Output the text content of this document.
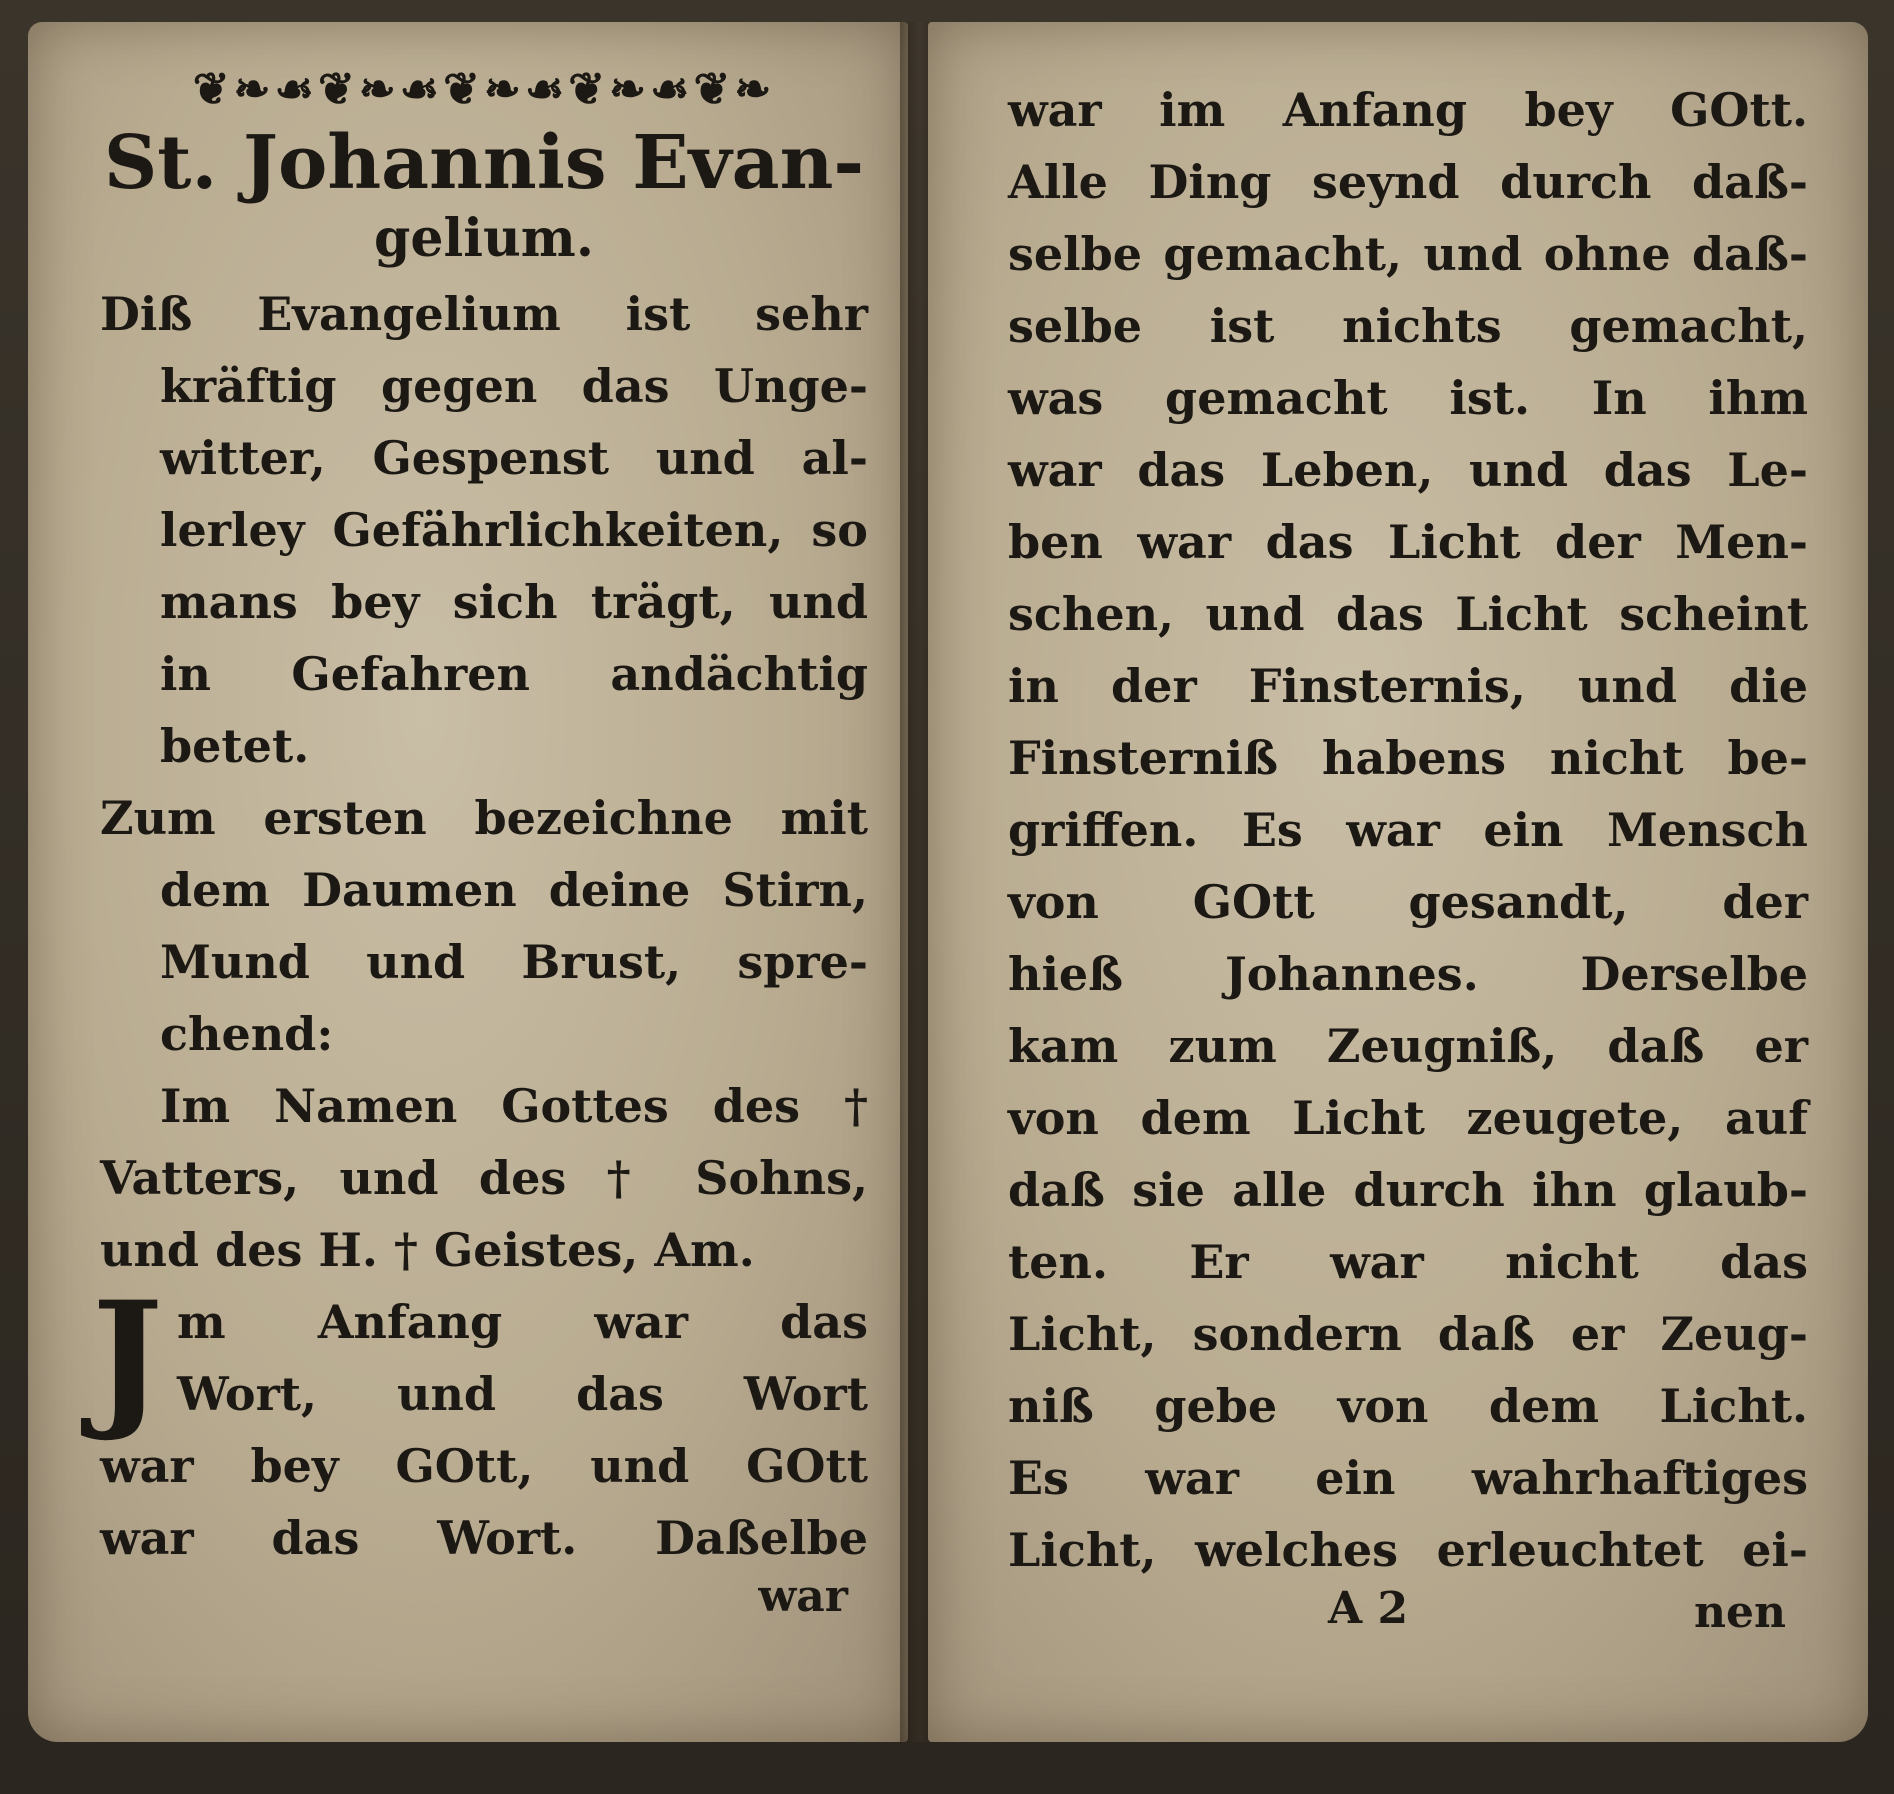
❦❧☙❦❧☙❦❧☙❦❧☙❦❧
St. Johannis Evan-
gelium.
Diß Evangelium ist sehr
kräftig gegen das Unge-
witter, Gespenst und al-
lerley Gefährlichkeiten, so
mans bey sich trägt, und
in Gefahren andächtig
betet.
Zum ersten bezeichne mit
dem Daumen deine Stirn,
Mund und Brust, spre-
chend:
Im Namen Gottes des †
Vatters, und des † Sohns,
und des H. † Geistes, Am.
J m Anfang war das
Wort, und das Wort
war bey GOtt, und GOtt
war das Wort. Daßelbe
war
war im Anfang bey GOtt.
Alle Ding seynd durch daß-
selbe gemacht, und ohne daß-
selbe ist nichts gemacht,
was gemacht ist. In ihm
war das Leben, und das Le-
ben war das Licht der Men-
schen, und das Licht scheint
in der Finsternis, und die
Finsterniß habens nicht be-
griffen. Es war ein Mensch
von GOtt gesandt, der
hieß Johannes. Derselbe
kam zum Zeugniß, daß er
von dem Licht zeugete, auf
daß sie alle durch ihn glaub-
ten. Er war nicht das
Licht, sondern daß er Zeug-
niß gebe von dem Licht.
Es war ein wahrhaftiges
Licht, welches erleuchtet ei-
A 2	nen
